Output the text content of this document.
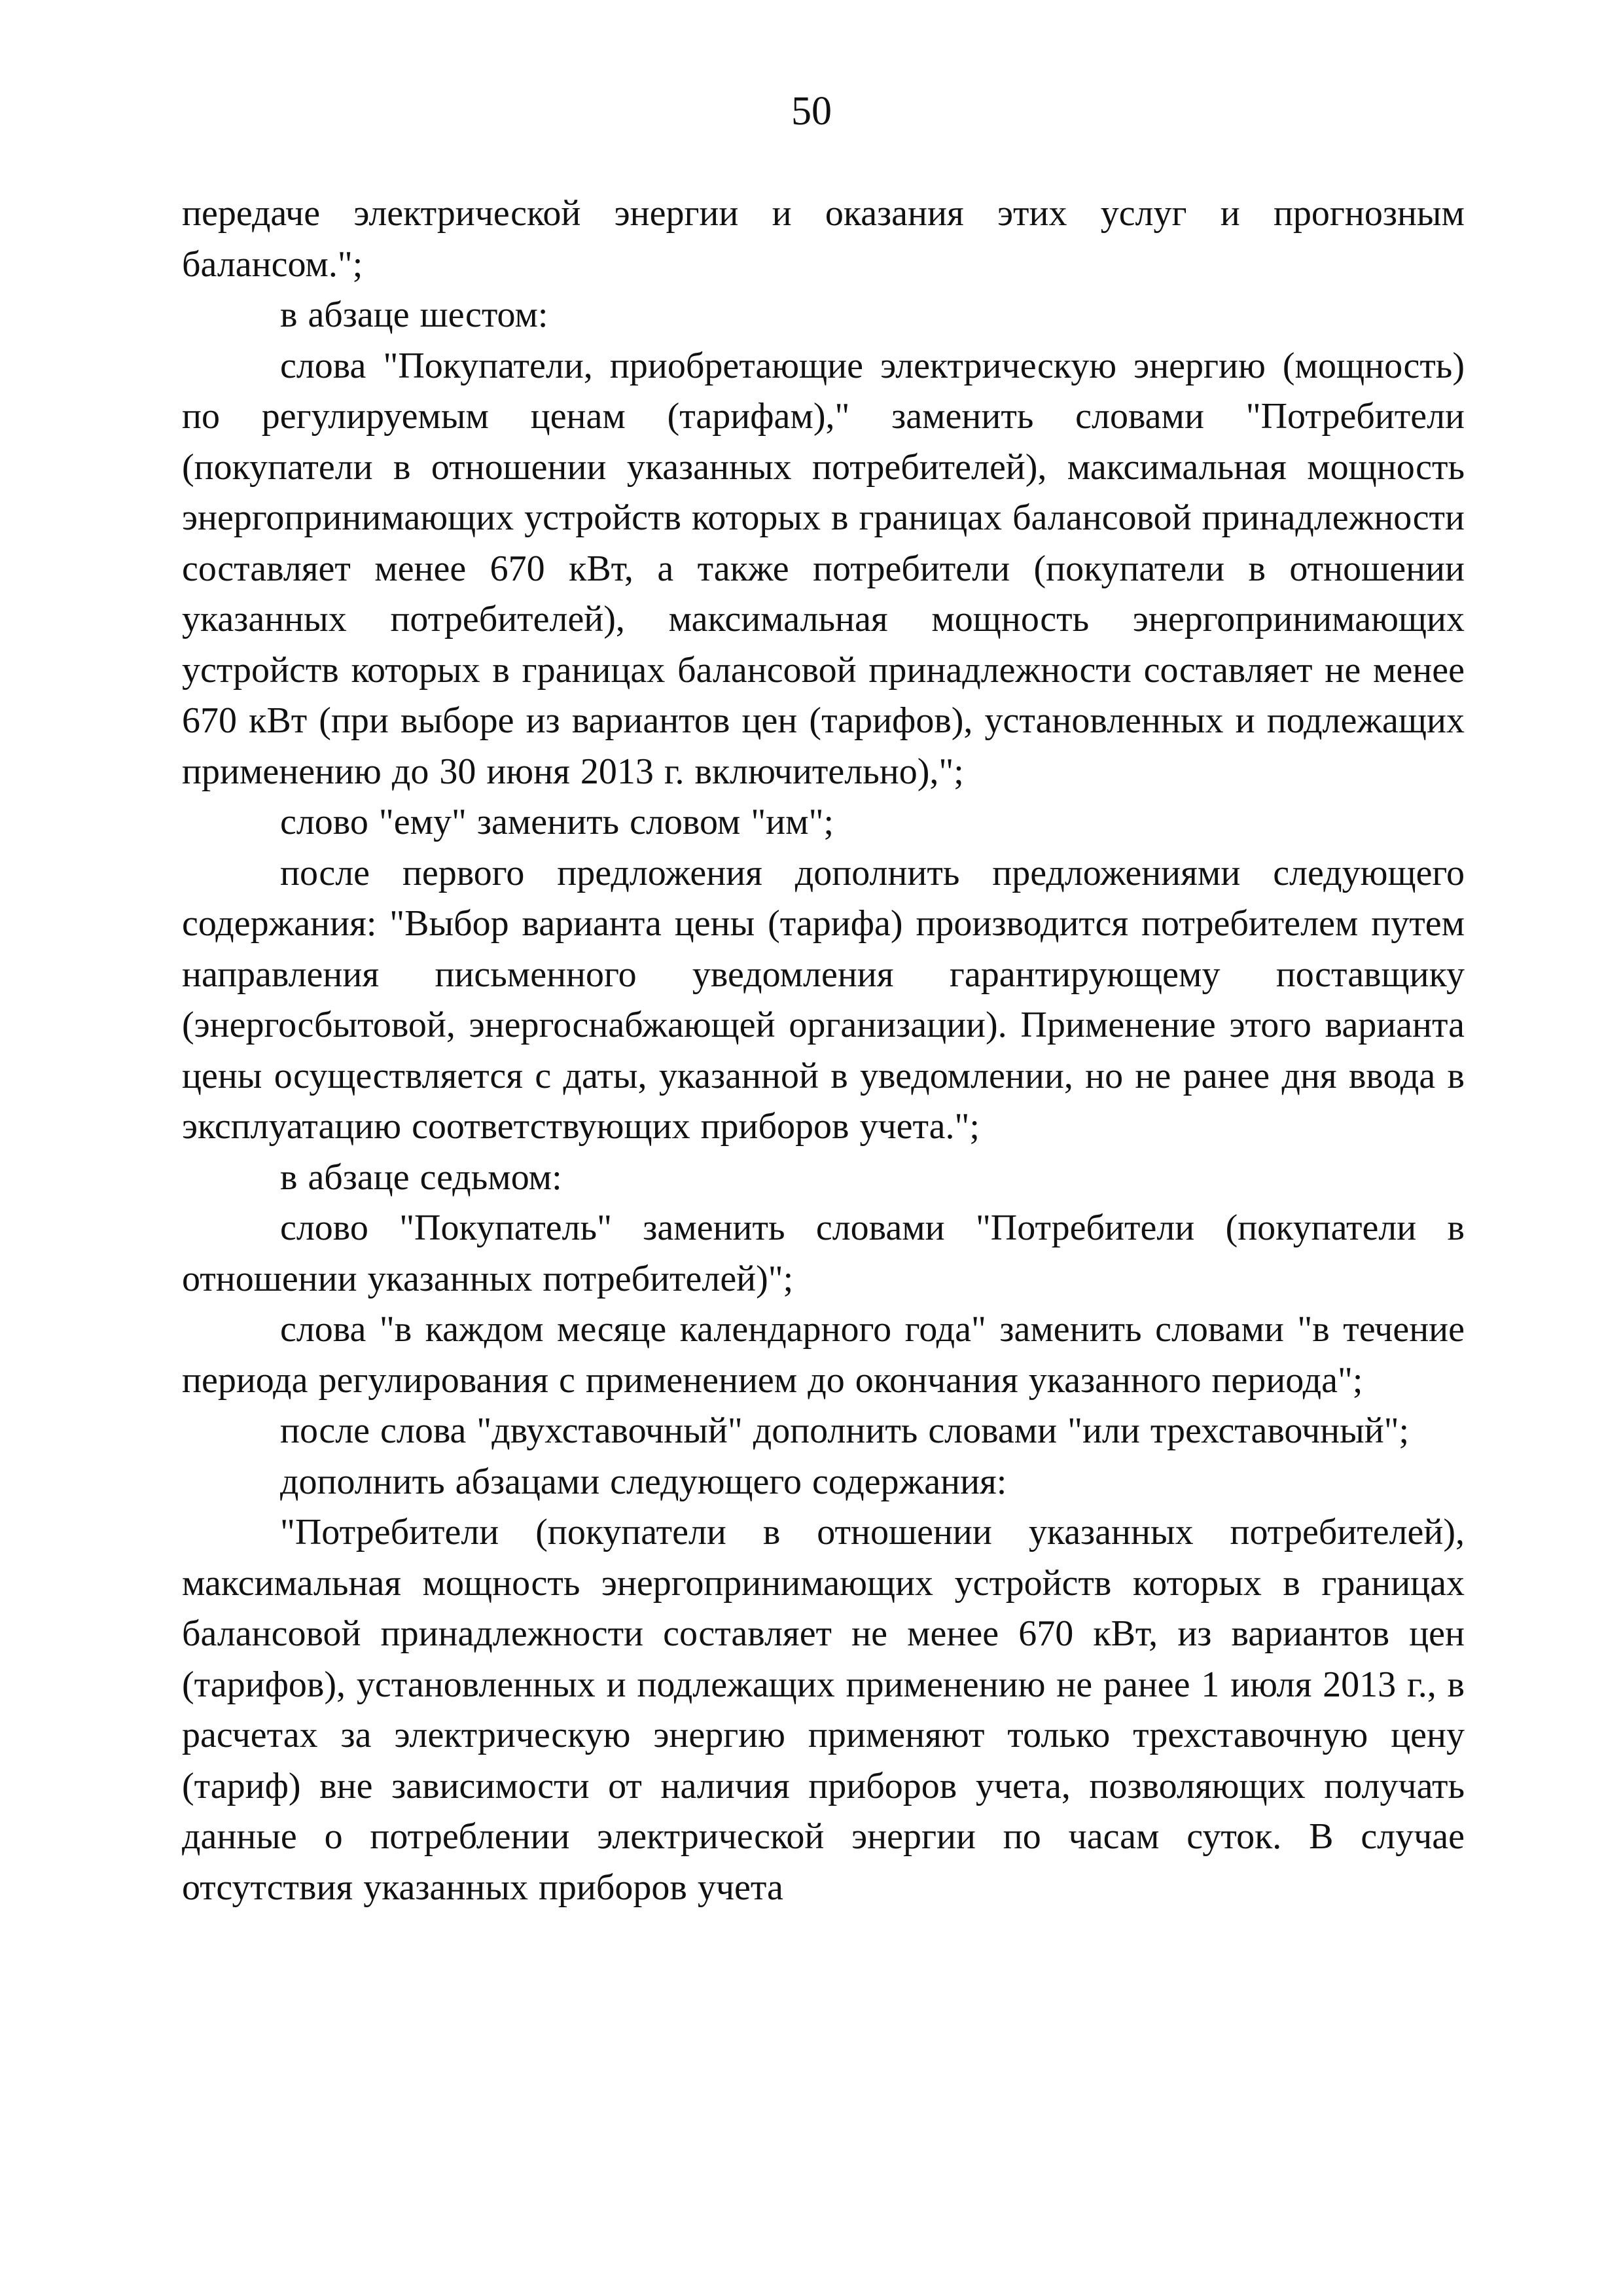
50

передаче электрической энергии и оказания этих услуг и прогнозным балансом.";

в абзаце шестом:

слова "Покупатели, приобретающие электрическую энергию (мощность) по регулируемым ценам (тарифам)," заменить словами "Потребители (покупатели в отношении указанных потребителей), максимальная мощность энергопринимающих устройств которых в границах балансовой принадлежности составляет менее 670 кВт, а также потребители (покупатели в отношении указанных потребителей), максимальная мощность энергопринимающих устройств которых в границах балансовой принадлежности составляет не менее 670 кВт (при выборе из вариантов цен (тарифов), установленных и подлежащих применению до 30 июня 2013 г. включительно),";

слово "ему" заменить словом "им";

после первого предложения дополнить предложениями следующего содержания: "Выбор варианта цены (тарифа) производится потребителем путем направления письменного уведомления гарантирующему поставщику (энергосбытовой, энергоснабжающей организации). Применение этого варианта цены осуществляется с даты, указанной в уведомлении, но не ранее дня ввода в эксплуатацию соответствующих приборов учета.";

в абзаце седьмом:

слово "Покупатель" заменить словами "Потребители (покупатели в отношении указанных потребителей)";

слова "в каждом месяце календарного года" заменить словами "в течение периода регулирования с применением до окончания указанного периода";

после слова "двухставочный" дополнить словами "или трехставочный";

дополнить абзацами следующего содержания:

"Потребители (покупатели в отношении указанных потребителей), максимальная мощность энергопринимающих устройств которых в границах балансовой принадлежности составляет не менее 670 кВт, из вариантов цен (тарифов), установленных и подлежащих применению не ранее 1 июля 2013 г., в расчетах за электрическую энергию применяют только трехставочную цену (тариф) вне зависимости от наличия приборов учета, позволяющих получать данные о потреблении электрической энергии по часам суток. В случае отсутствия указанных приборов учета
